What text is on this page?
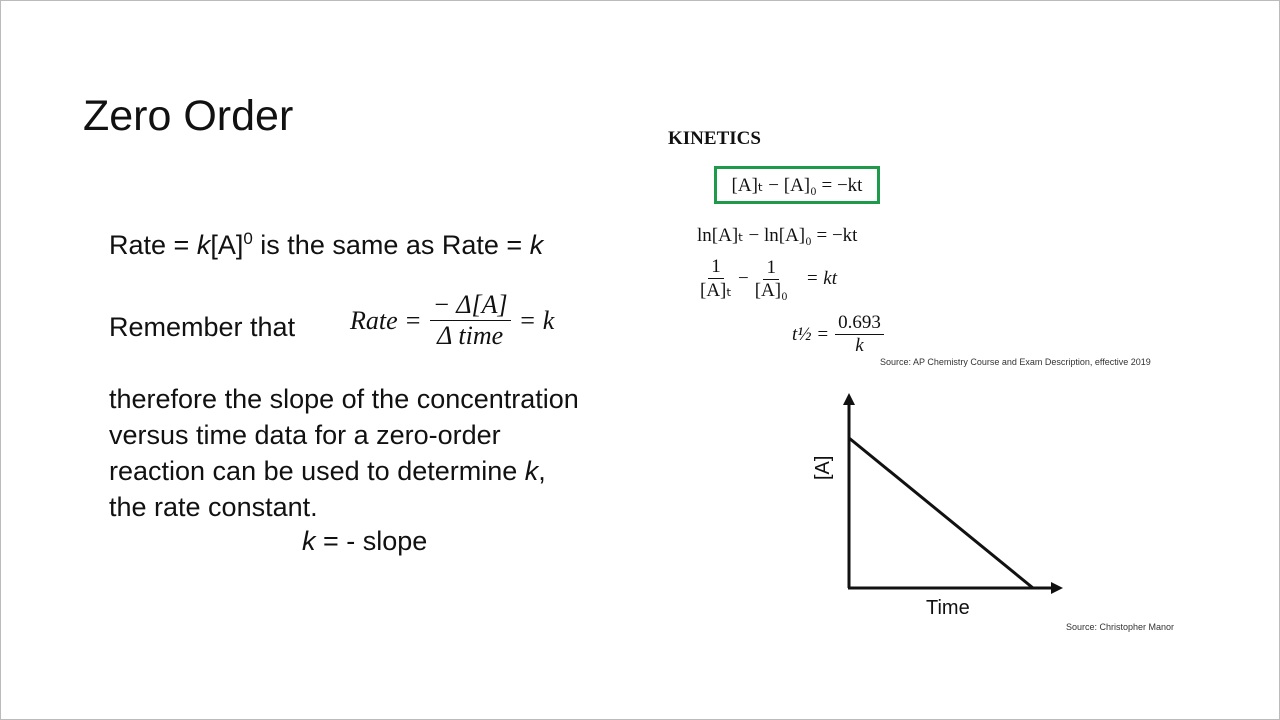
Zero Order
Rate = $k[A]^0$ is the same as Rate = k
Remember that Rate = $\frac{- \Delta[A]}{\text{Δ time}} = k$
therefore the slope of the concentration
versus time data for a zero-order
reaction can be used to determine k,
the rate constant.
k = - slope
KINETICS
[A]ₜ − [A]₀ = −kt
ln[A]ₜ − ln[A]₀ = −kt
$\frac{1}{\text{[A]ₜ}} - \frac{1}{\text{[A]₀}}$ = kt
t½ = $\frac{0.693}{k}$
Source: AP Chemistry Course and Exam Description, effective 2019
Time
[A]
Source: Christopher Manor
